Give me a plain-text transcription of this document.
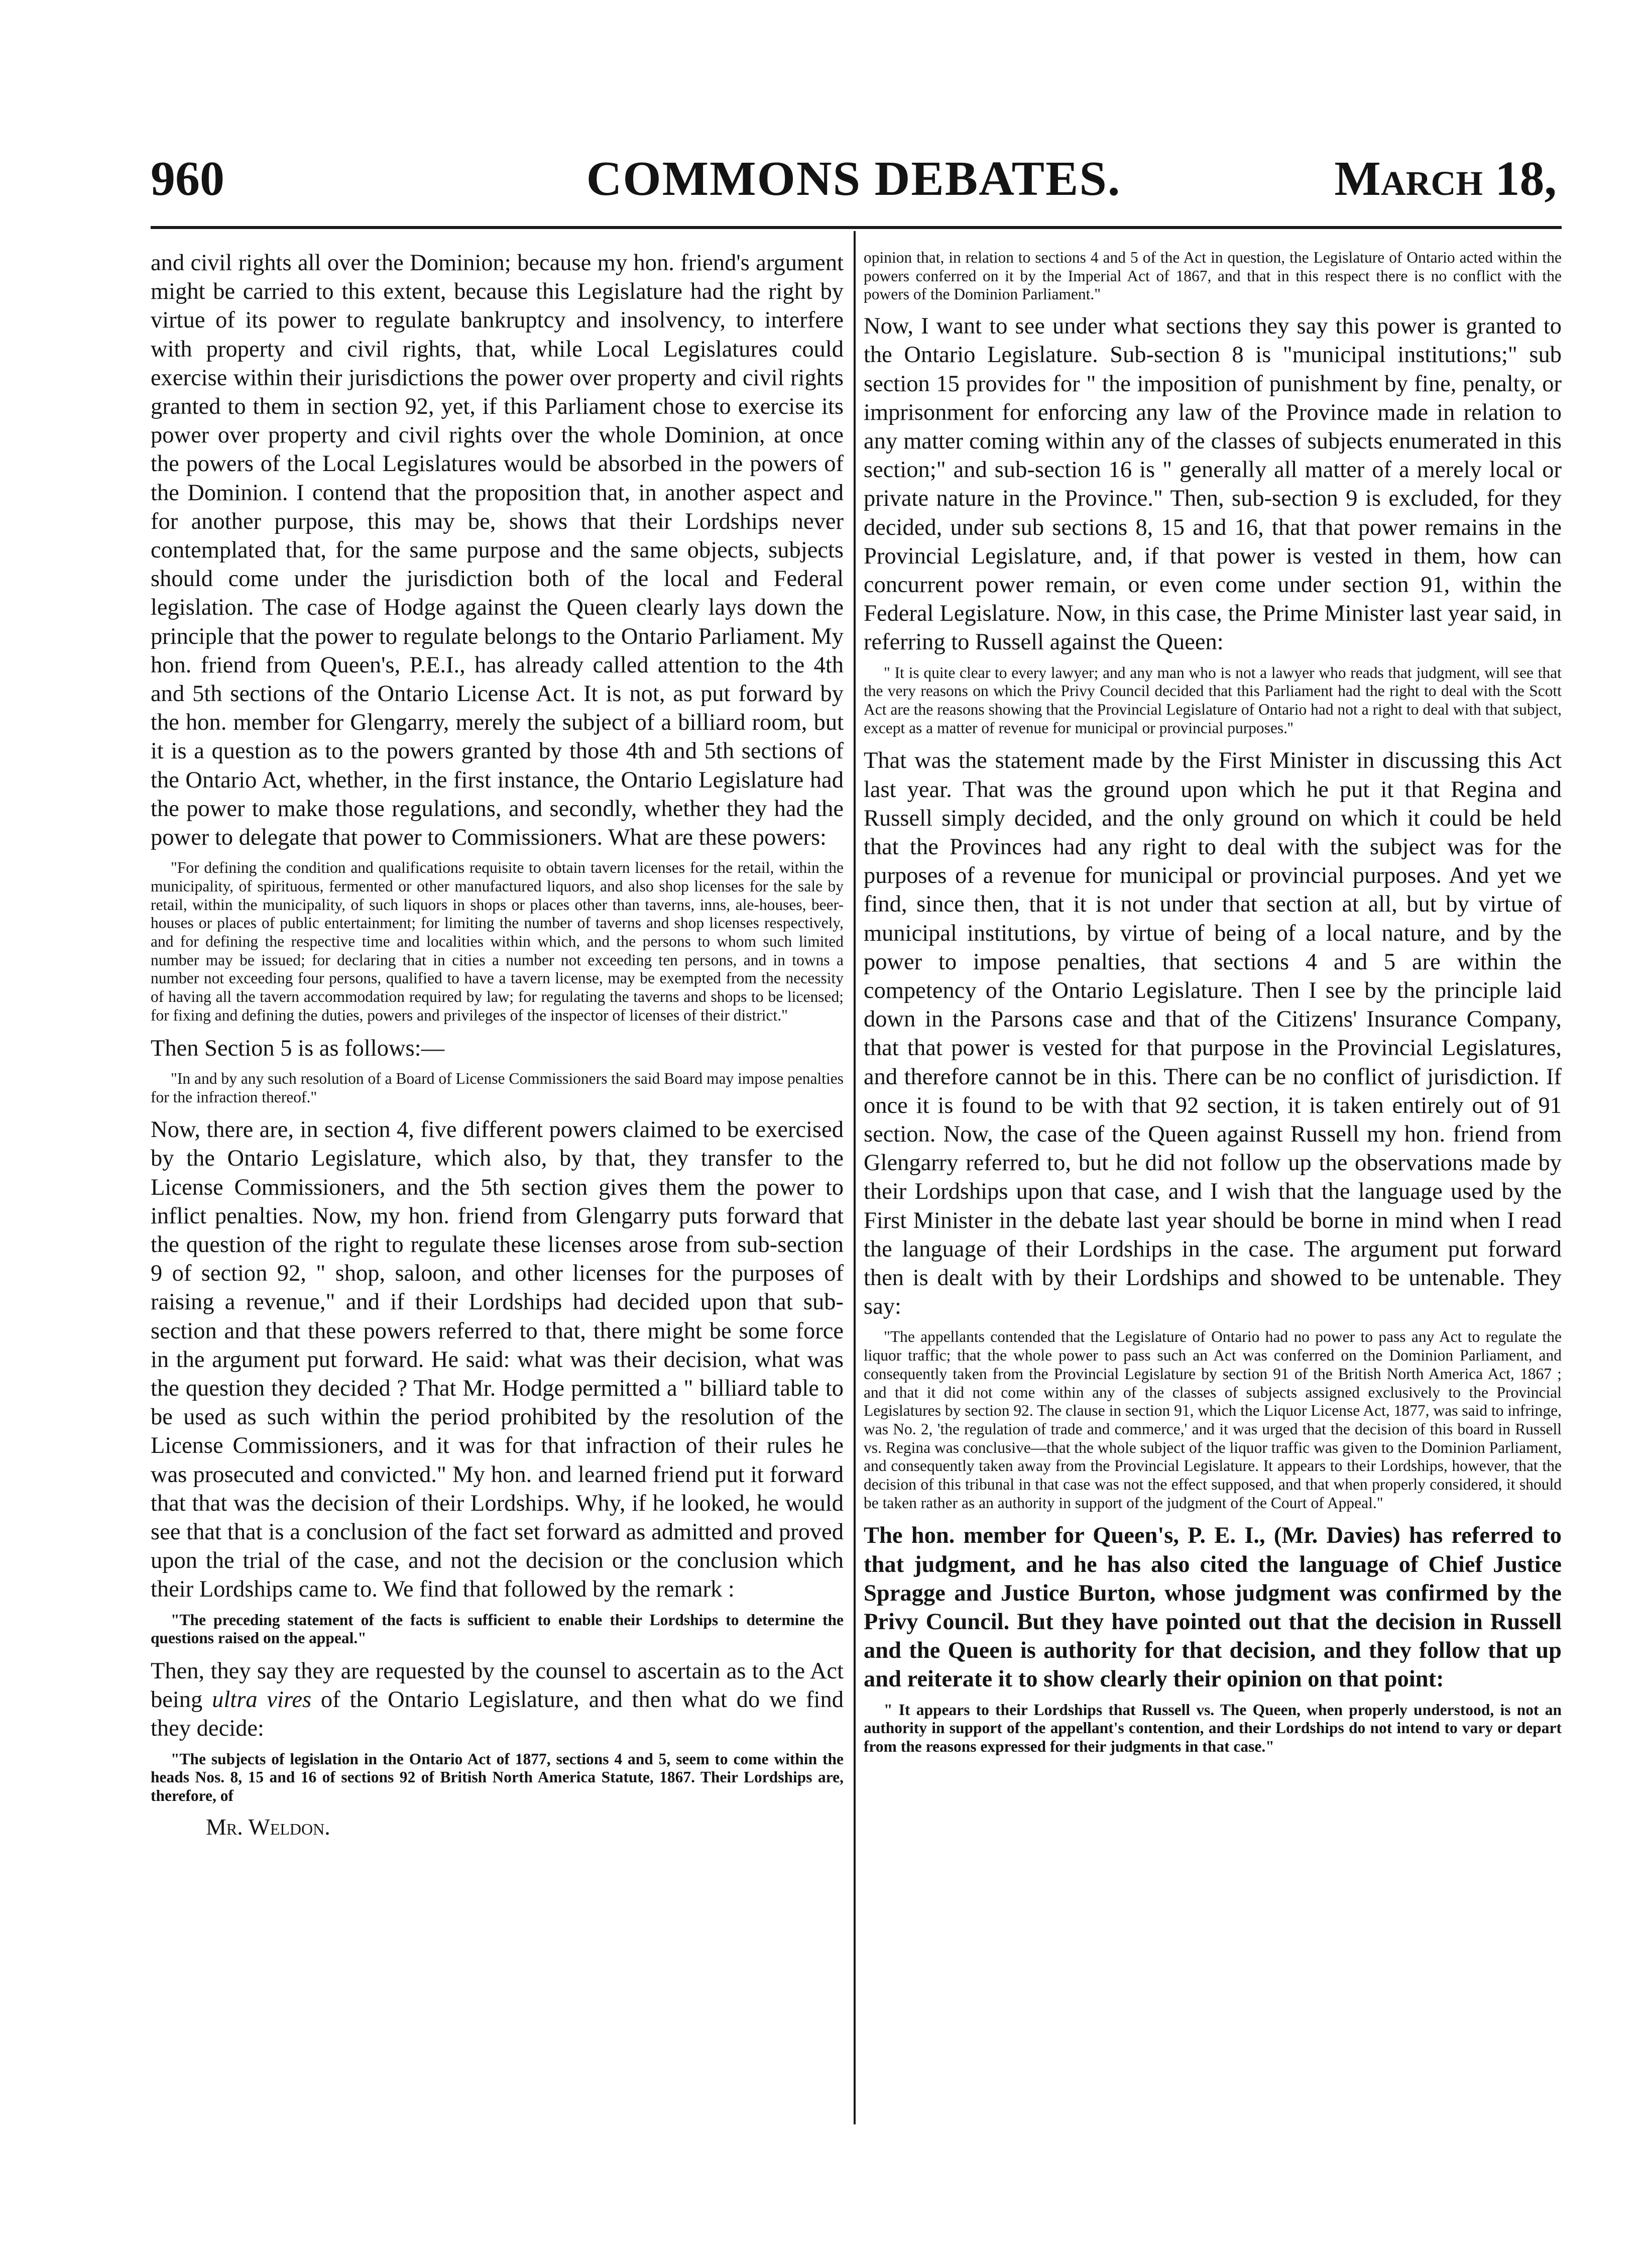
960	COMMONS DEBATES.	March 18,

and civil rights all over the Dominion; because my hon. friend's argument might be carried to this extent, because this Legislature had the right by virtue of its power to regulate bankruptcy and insolvency, to interfere with property and civil rights, that, while Local Legislatures could exercise within their jurisdictions the power over property and civil rights granted to them in section 92, yet, if this Parliament chose to exercise its power over property and civil rights over the whole Dominion, at once the powers of the Local Legislatures would be absorbed in the powers of the Dominion. I contend that the proposition that, in another aspect and for another purpose, this may be, shows that their Lordships never contemplated that, for the same purpose and the same objects, subjects should come under the jurisdiction both of the local and Federal legislation. The case of Hodge against the Queen clearly lays down the principle that the power to regulate belongs to the Ontario Parliament. My hon. friend from Queen's, P.E.I., has already called attention to the 4th and 5th sections of the Ontario License Act. It is not, as put forward by the hon. member for Glengarry, merely the subject of a billiard room, but it is a question as to the powers granted by those 4th and 5th sections of the Ontario Act, whether, in the first instance, the Ontario Legislature had the power to make those regulations, and secondly, whether they had the power to delegate that power to Commissioners. What are these powers:

"For defining the condition and qualifications requisite to obtain tavern licenses for the retail, within the municipality, of spirituous, fermented or other manufactured liquors, and also shop licenses for the sale by retail, within the municipality, of such liquors in shops or places other than taverns, inns, ale-houses, beer-houses or places of public entertainment; for limiting the number of taverns and shop licenses respectively, and for defining the respective time and localities within which, and the persons to whom such limited number may be issued; for declaring that in cities a number not exceeding ten persons, and in towns a number not exceeding four persons, qualified to have a tavern license, may be exempted from the necessity of having all the tavern accommodation required by law; for regulating the taverns and shops to be licensed; for fixing and defining the duties, powers and privileges of the inspector of licenses of their district."

Then Section 5 is as follows:—

"In and by any such resolution of a Board of License Commissioners the said Board may impose penalties for the infraction thereof."

Now, there are, in section 4, five different powers claimed to be exercised by the Ontario Legislature, which also, by that, they transfer to the License Commissioners, and the 5th section gives them the power to inflict penalties. Now, my hon. friend from Glengarry puts forward that the question of the right to regulate these licenses arose from sub-section 9 of section 92, " shop, saloon, and other licenses for the purposes of raising a revenue," and if their Lordships had decided upon that sub-section and that these powers referred to that, there might be some force in the argument put forward. He said: what was their decision, what was the question they decided ? That Mr. Hodge permitted a " billiard table to be used as such within the period prohibited by the resolution of the License Commissioners, and it was for that infraction of their rules he was prosecuted and convicted." My hon. and learned friend put it forward that that was the decision of their Lordships. Why, if he looked, he would see that that is a conclusion of the fact set forward as admitted and proved upon the trial of the case, and not the decision or the conclusion which their Lordships came to. We find that followed by the remark :

"The preceding statement of the facts is sufficient to enable their Lordships to determine the questions raised on the appeal."

Then, they say they are requested by the counsel to ascertain as to the Act being ultra vires of the Ontario Legislature, and then what do we find they decide:

"The subjects of legislation in the Ontario Act of 1877, sections 4 and 5, seem to come within the heads Nos. 8, 15 and 16 of sections 92 of British North America Statute, 1867. Their Lordships are, therefore, of

Mr. Weldon.

opinion that, in relation to sections 4 and 5 of the Act in question, the Legislature of Ontario acted within the powers conferred on it by the Imperial Act of 1867, and that in this respect there is no conflict with the powers of the Dominion Parliament."

Now, I want to see under what sections they say this power is granted to the Ontario Legislature. Sub-section 8 is "municipal institutions;" sub section 15 provides for " the imposition of punishment by fine, penalty, or imprisonment for enforcing any law of the Province made in relation to any matter coming within any of the classes of subjects enumerated in this section;" and sub-section 16 is " generally all matter of a merely local or private nature in the Province." Then, sub-section 9 is excluded, for they decided, under sub sections 8, 15 and 16, that that power remains in the Provincial Legislature, and, if that power is vested in them, how can concurrent power remain, or even come under section 91, within the Federal Legislature. Now, in this case, the Prime Minister last year said, in referring to Russell against the Queen:

" It is quite clear to every lawyer; and any man who is not a lawyer who reads that judgment, will see that the very reasons on which the Privy Council decided that this Parliament had the right to deal with the Scott Act are the reasons showing that the Provincial Legislature of Ontario had not a right to deal with that subject, except as a matter of revenue for municipal or provincial purposes.''

That was the statement made by the First Minister in discussing this Act last year. That was the ground upon which he put it that Regina and Russell simply decided, and the only ground on which it could be held that the Provinces had any right to deal with the subject was for the purposes of a revenue for municipal or provincial purposes. And yet we find, since then, that it is not under that section at all, but by virtue of municipal institutions, by virtue of being of a local nature, and by the power to impose penalties, that sections 4 and 5 are within the competency of the Ontario Legislature. Then I see by the principle laid down in the Parsons case and that of the Citizens' Insurance Company, that that power is vested for that purpose in the Provincial Legislatures, and therefore cannot be in this. There can be no conflict of jurisdiction. If once it is found to be with that 92 section, it is taken entirely out of 91 section. Now, the case of the Queen against Russell my hon. friend from Glengarry referred to, but he did not follow up the observations made by their Lordships upon that case, and I wish that the language used by the First Minister in the debate last year should be borne in mind when I read the language of their Lordships in the case. The argument put forward then is dealt with by their Lordships and showed to be untenable. They say:

"The appellants contended that the Legislature of Ontario had no power to pass any Act to regulate the liquor traffic; that the whole power to pass such an Act was conferred on the Dominion Parliament, and consequently taken from the Provincial Legislature by section 91 of the British North America Act, 1867 ; and that it did not come within any of the classes of subjects assigned exclusively to the Provincial Legislatures by section 92. The clause in section 91, which the Liquor License Act, 1877, was said to infringe, was No. 2, 'the regulation of trade and commerce,' and it was urged that the decision of this board in Russell vs. Regina was conclusive—that the whole subject of the liquor traffic was given to the Dominion Parliament, and consequently taken away from the Provincial Legislature. It appears to their Lordships, however, that the decision of this tribunal in that case was not the effect supposed, and that when properly considered, it should be taken rather as an authority in support of the judgment of the Court of Appeal."

The hon. member for Queen's, P. E. I., (Mr. Davies) has referred to that judgment, and he has also cited the language of Chief Justice Spragge and Justice Burton, whose judgment was confirmed by the Privy Council. But they have pointed out that the decision in Russell and the Queen is authority for that decision, and they follow that up and reiterate it to show clearly their opinion on that point:

" It appears to their Lordships that Russell vs. The Queen, when properly understood, is not an authority in support of the appellant's contention, and their Lordships do not intend to vary or depart from the reasons expressed for their judgments in that case."
